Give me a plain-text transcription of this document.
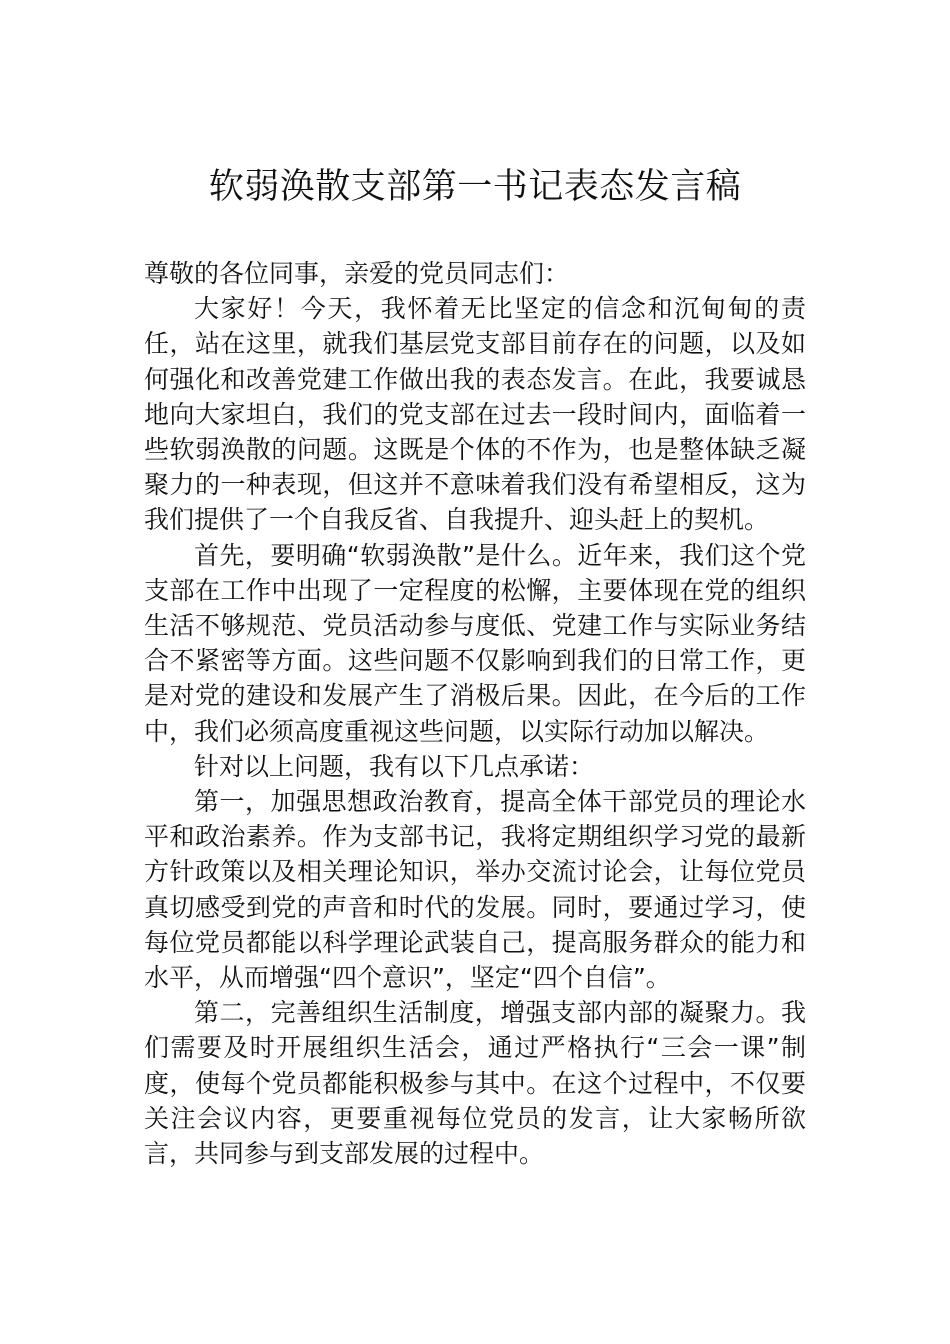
软弱涣散支部第一书记表态发言稿

尊敬的各位同事，亲爱的党员同志们：

大家好！今天，我怀着无比坚定的信念和沉甸甸的责任，站在这里，就我们基层党支部目前存在的问题，以及如何强化和改善党建工作做出我的表态发言。在此，我要诚恳地向大家坦白，我们的党支部在过去一段时间内，面临着一些软弱涣散的问题。这既是个体的不作为，也是整体缺乏凝聚力的一种表现，但这并不意味着我们没有希望相反，这为我们提供了一个自我反省、自我提升、迎头赶上的契机。

首先，要明确“软弱涣散”是什么。近年来，我们这个党支部在工作中出现了一定程度的松懈，主要体现在党的组织生活不够规范、党员活动参与度低、党建工作与实际业务结合不紧密等方面。这些问题不仅影响到我们的日常工作，更是对党的建设和发展产生了消极后果。因此，在今后的工作中，我们必须高度重视这些问题，以实际行动加以解决。

针对以上问题，我有以下几点承诺：

第一，加强思想政治教育，提高全体干部党员的理论水平和政治素养。作为支部书记，我将定期组织学习党的最新方针政策以及相关理论知识，举办交流讨论会，让每位党员真切感受到党的声音和时代的发展。同时，要通过学习，使每位党员都能以科学理论武装自己，提高服务群众的能力和水平，从而增强“四个意识”，坚定“四个自信”。

第二，完善组织生活制度，增强支部内部的凝聚力。我们需要及时开展组织生活会，通过严格执行“三会一课”制度，使每个党员都能积极参与其中。在这个过程中，不仅要关注会议内容，更要重视每位党员的发言，让大家畅所欲言，共同参与到支部发展的过程中。
